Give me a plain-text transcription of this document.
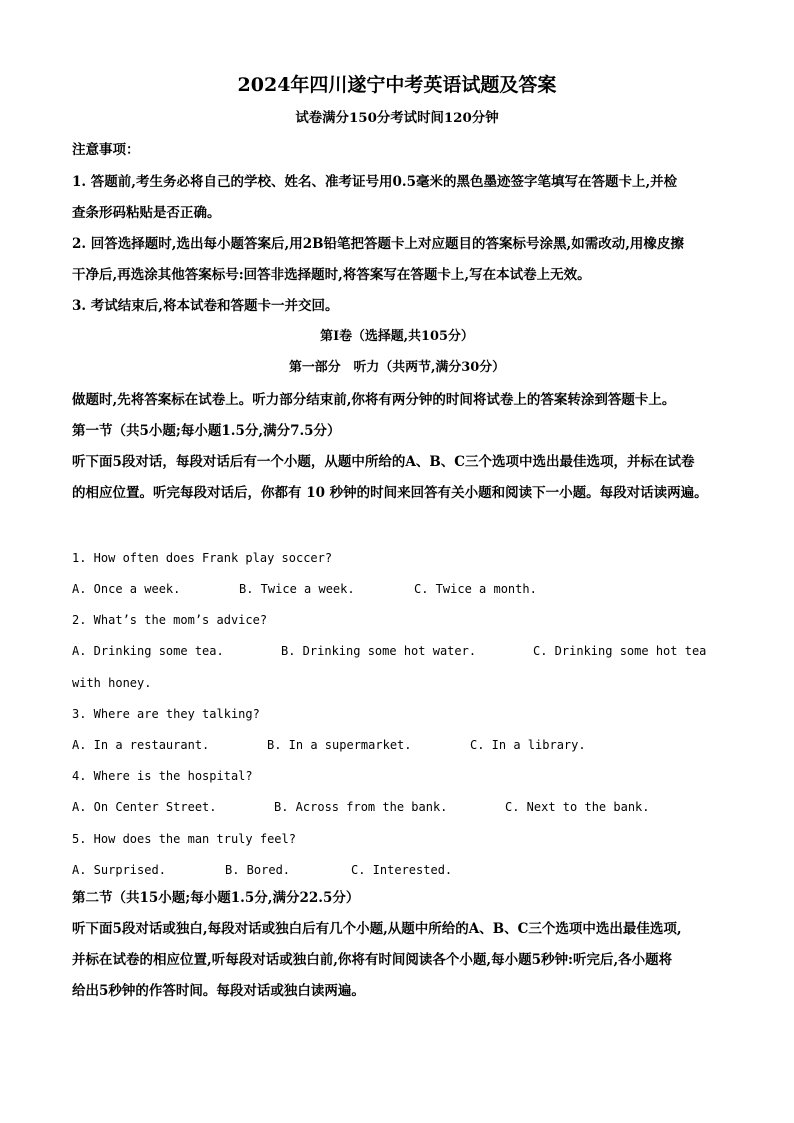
2024年四川遂宁中考英语试题及答案
试卷满分150分考试时间120分钟
注意事项：
1. 答题前,考生务必将自己的学校、姓名、准考证号用0.5毫米的黑色墨迹签字笔填写在答题卡上,并检
查条形码粘贴是否正确。
2. 回答选择题时,选出每小题答案后,用2B铅笔把答题卡上对应题目的答案标号涂黑,如需改动,用橡皮擦
干净后,再选涂其他答案标号:回答非选择题时,将答案写在答题卡上,写在本试卷上无效。
3. 考试结束后,将本试卷和答题卡一并交回。
第Ⅰ卷（选择题,共105分）
第一部分　听力（共两节,满分30分）
做题时,先将答案标在试卷上。听力部分结束前,你将有两分钟的时间将试卷上的答案转涂到答题卡上。
第一节（共5小题;每小题1.5分,满分7.5分）
听下面5段对话，每段对话后有一个小题，从题中所给的A、B、C三个选项中选出最佳选项，并标在试卷
的相应位置。听完每段对话后，你都有 10 秒钟的时间来回答有关小题和阅读下一小题。每段对话读两遍。
1. How often does Frank play soccer?
A. Once a week.	B. Twice a week.	C. Twice a month.
2. What’s the mom’s advice?
A. Drinking some tea.	B. Drinking some hot water.	C. Drinking some hot tea
with honey.
3. Where are they talking?
A. In a restaurant.	B. In a supermarket.	C. In a library.
4. Where is the hospital?
A. On Center Street.	B. Across from the bank.	C. Next to the bank.
5. How does the man truly feel?
A. Surprised.	B. Bored.	C. Interested.
第二节（共15小题;每小题1.5分,满分22.5分）
听下面5段对话或独白,每段对话或独白后有几个小题,从题中所给的A、B、C三个选项中选出最佳选项,
并标在试卷的相应位置,听每段对话或独白前,你将有时间阅读各个小题,每小题5秒钟:听完后,各小题将
给出5秒钟的作答时间。每段对话或独白读两遍。
